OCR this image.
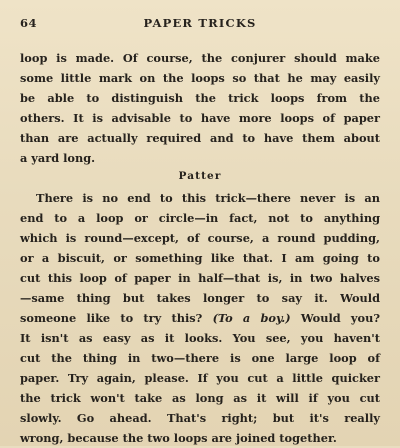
64	PAPER TRICKS
loop is made. Of course, the conjurer should make
some little mark on the loops so that he may easily
be able to distinguish the trick loops from the
others. It is advisable to have more loops of paper
than are actually required and to have them about
a yard long.
Patter
There is no end to this trick—there never is an
end to a loop or circle—in fact, not to anything
which is round—except, of course, a round pudding,
or a biscuit, or something like that. I am going to
cut this loop of paper in half—that is, in two halves
—same thing but takes longer to say it. Would
someone like to try this? (To a boy.) Would you?
It isn't as easy as it looks. You see, you haven't
cut the thing in two—there is one large loop of
paper. Try again, please. If you cut a little quicker
the trick won't take as long as it will if you cut
slowly. Go ahead. That's right; but it's really
wrong, because the two loops are joined together.
